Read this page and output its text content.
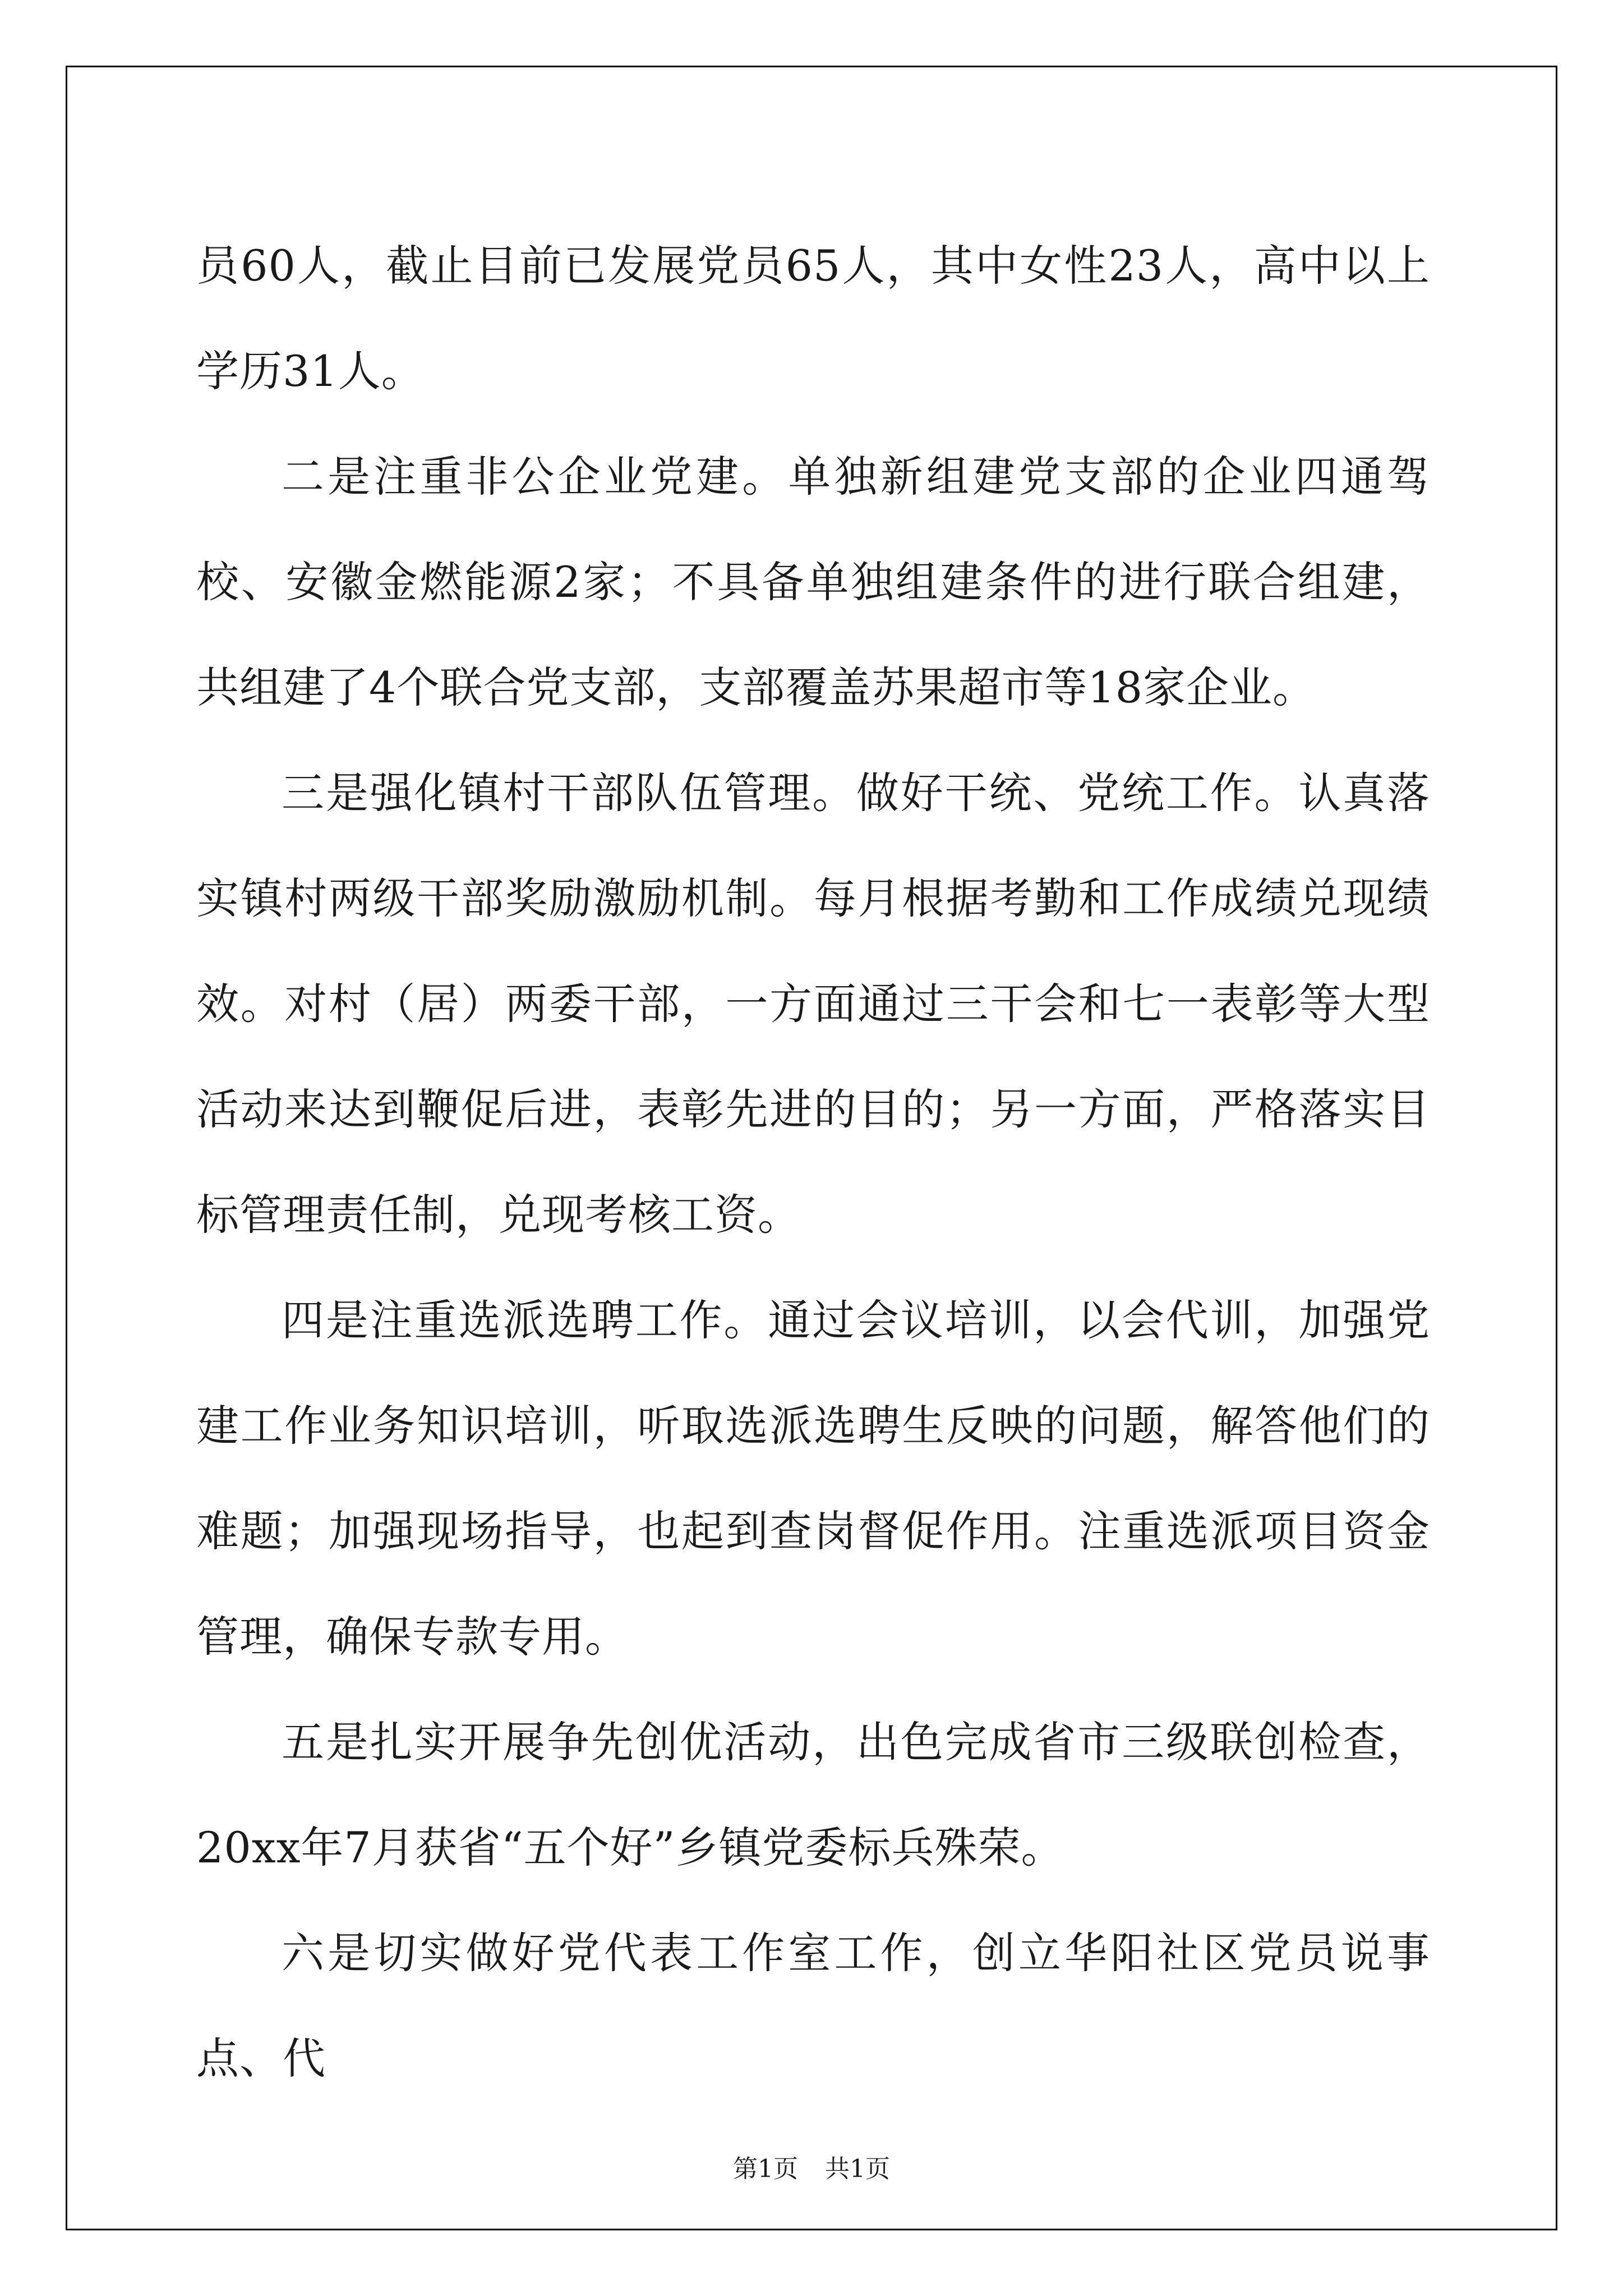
员60人，截止目前已发展党员65人，其中女性23人，高中以上学历31人。

二是注重非公企业党建。单独新组建党支部的企业四通驾校、安徽金燃能源2家；不具备单独组建条件的进行联合组建，共组建了4个联合党支部，支部覆盖苏果超市等18家企业。

三是强化镇村干部队伍管理。做好干统、党统工作。认真落实镇村两级干部奖励激励机制。每月根据考勤和工作成绩兑现绩效。对村（居）两委干部，一方面通过三干会和七一表彰等大型活动来达到鞭促后进，表彰先进的目的；另一方面，严格落实目标管理责任制，兑现考核工资。

四是注重选派选聘工作。通过会议培训，以会代训，加强党建工作业务知识培训，听取选派选聘生反映的问题，解答他们的难题；加强现场指导，也起到查岗督促作用。注重选派项目资金管理，确保专款专用。

五是扎实开展争先创优活动，出色完成省市三级联创检查，20xx年7月获省“五个好”乡镇党委标兵殊荣。

六是切实做好党代表工作室工作，创立华阳社区党员说事点、代

第1页 共1页
